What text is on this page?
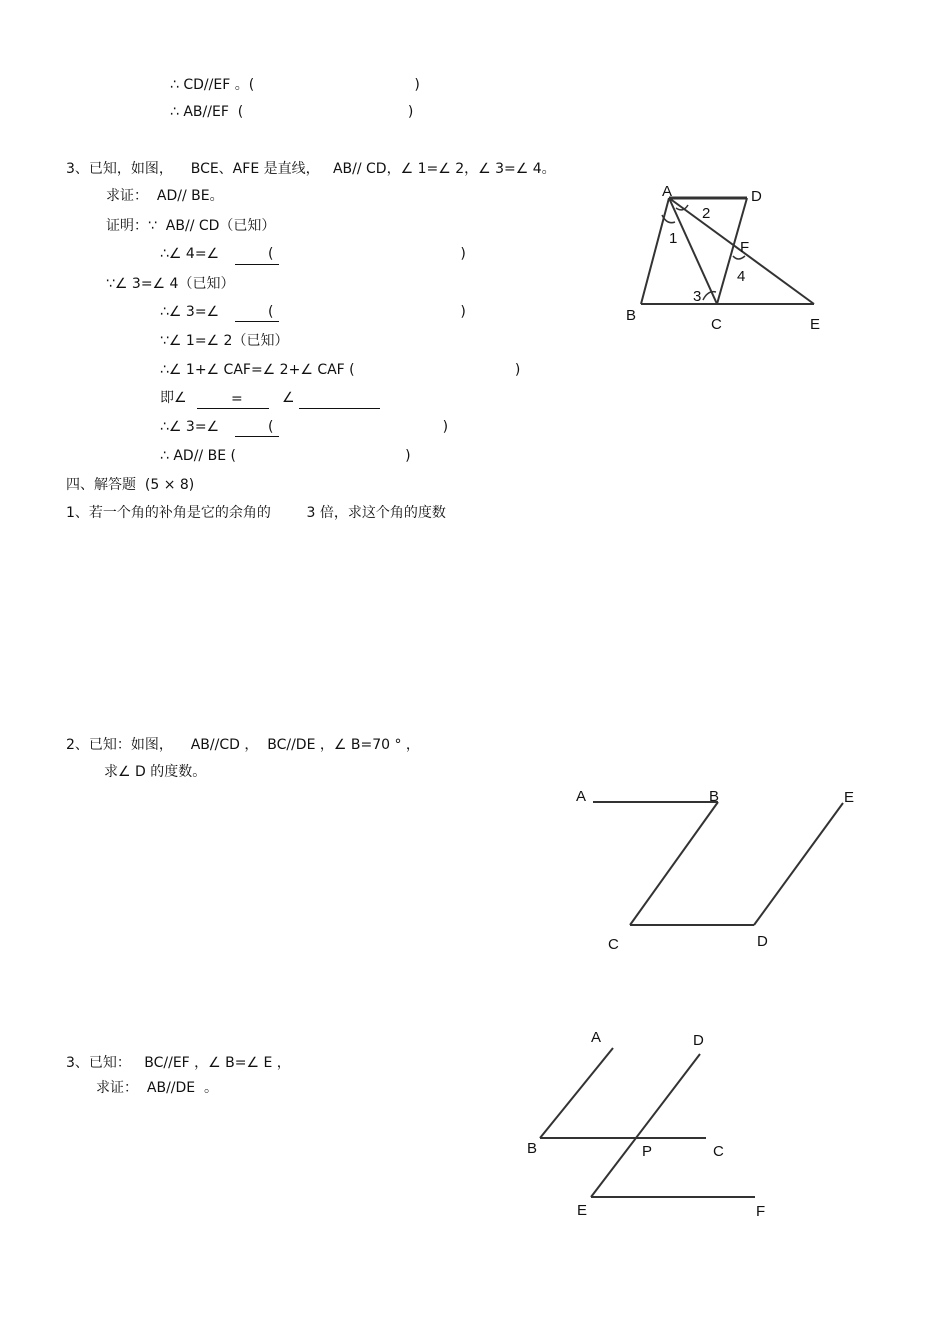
∴ CD//EF 。(                                    )
∴ AB//EF  (                                     )
3、已知，如图，    BCE、AFE 是直线，   AB// CD，∠ 1=∠ 2，∠ 3=∠ 4。
求证：  AD// BE。
证明：∵  AB// CD（已知）
∴∠ 4=∠           (                                          )
∵∠ 3=∠ 4（已知）
∴∠ 3=∠           (                                          )
∵∠ 1=∠ 2（已知）
∴∠ 1+∠ CAF=∠ 2+∠ CAF (                                    )
即∠	=	∠
∴∠ 3=∠           (                                      )
∴ AD// BE (                                      )
四、解答题  (5 × 8)
1、若一个角的补角是它的余角的        3 倍，求这个角的度数
2、已知：如图，    AB//CD ，  BC//DE ，∠ B=70 ° ，
求∠ D 的度数。
3、已知：   BC//EF ，∠ B=∠ E ，
求证：  AB//DE  。
A	D
2
1
F
4
3
B
C	E
A	B	E
C	D
A	D
B	P	C
E	F
